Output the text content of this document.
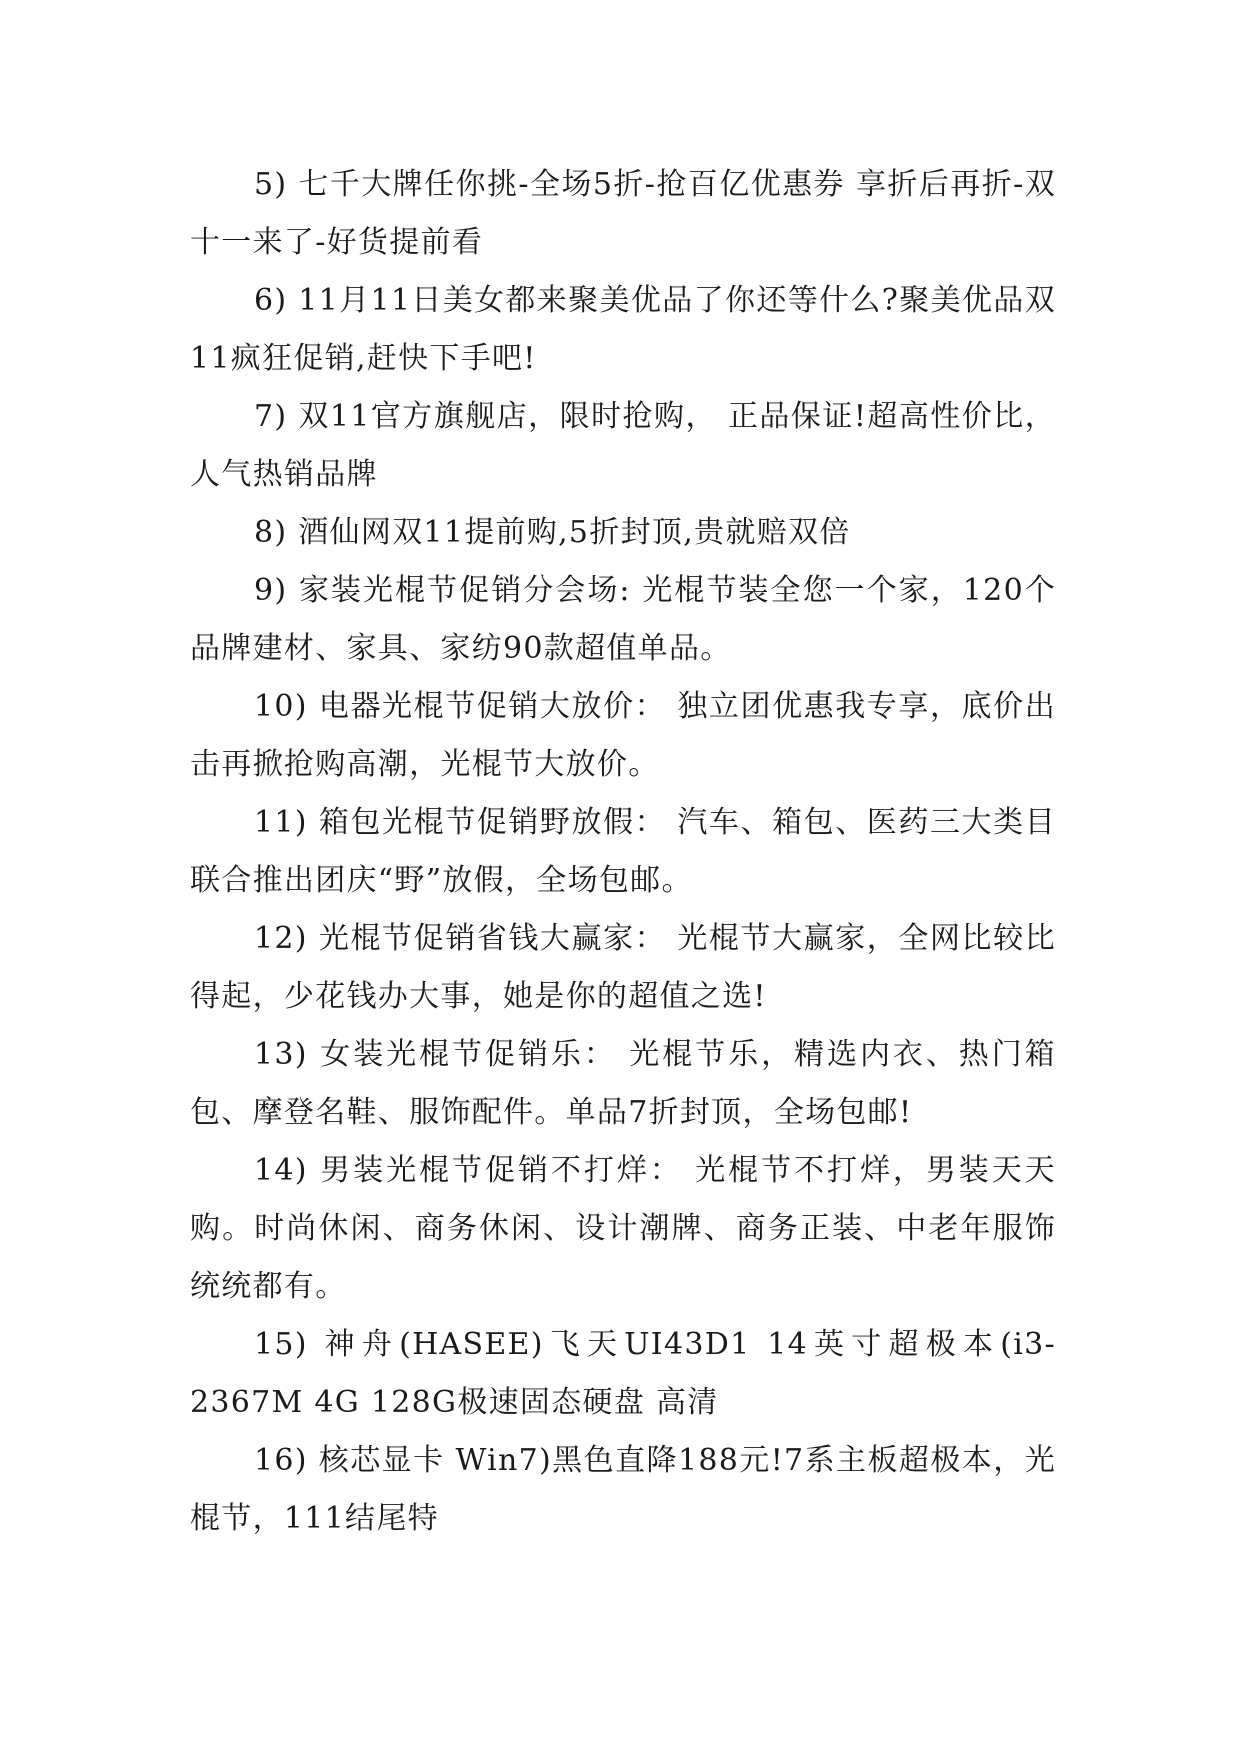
5) 七千大牌任你挑-全场5折-抢百亿优惠券 享折后再折-双十一来了-好货提前看

6) 11月11日美女都来聚美优品了你还等什么?聚美优品双11疯狂促销,赶快下手吧!

7) 双11官方旗舰店，限时抢购， 正品保证!超高性价比，人气热销品牌

8) 酒仙网双11提前购,5折封顶,贵就赔双倍

9) 家装光棍节促销分会场: 光棍节装全您一个家，120个品牌建材、家具、家纺90款超值单品。

10) 电器光棍节促销大放价： 独立团优惠我专享，底价出击再掀抢购高潮，光棍节大放价。

11) 箱包光棍节促销野放假： 汽车、箱包、医药三大类目联合推出团庆“野”放假，全场包邮。

12) 光棍节促销省钱大赢家： 光棍节大赢家，全网比较比得起，少花钱办大事，她是你的超值之选!

13) 女装光棍节促销乐： 光棍节乐，精选内衣、热门箱包、摩登名鞋、服饰配件。单品7折封顶，全场包邮!

14) 男装光棍节促销不打烊： 光棍节不打烊，男装天天购。时尚休闲、商务休闲、设计潮牌、商务正装、中老年服饰统统都有。

15) 神舟(HASEE)飞天UI43D1 14英寸超极本(i3-2367M 4G 128G极速固态硬盘 高清

16) 核芯显卡 Win7)黑色直降188元!7系主板超极本，光棍节，111结尾特
